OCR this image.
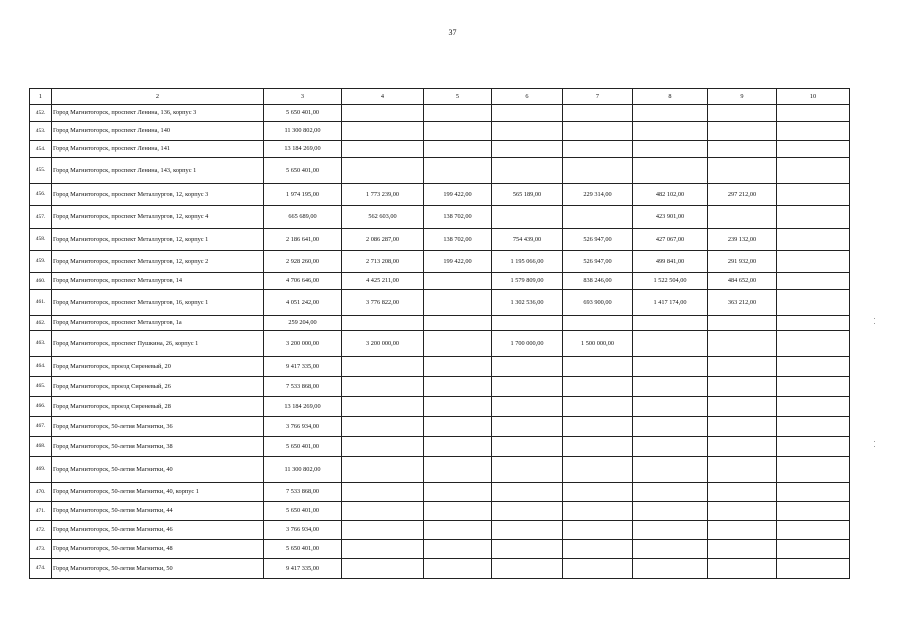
37
1	2	3	4	5	6	7	8	9	10
452.	Город Магнитогорск, проспект Ленина, 136, корпус 3	5 650 401,00							
453.	Город Магнитогорск, проспект Ленина, 140	11 300 802,00							
454.	Город Магнитогорск, проспект Ленина, 141	13 184 269,00							
455.	Город Магнитогорск, проспект Ленина, 143, корпус 1	5 650 401,00							
456.	Город Магнитогорск, проспект Металлургов, 12, корпус 3	1 974 195,00	1 773 239,00	199 422,00	565 189,00	229 314,00	482 102,00	297 212,00	
457.	Город Магнитогорск, проспект Металлургов, 12, корпус 4	665 689,00	562 603,00	138 702,00			423 901,00		
458.	Город Магнитогорск, проспект Металлургов, 12, корпус 1	2 186 641,00	2 086 287,00	138 702,00	754 439,00	526 947,00	427 067,00	239 132,00	
459.	Город Магнитогорск, проспект Металлургов, 12, корпус 2	2 928 260,00	2 713 208,00	199 422,00	1 195 066,00	526 947,00	499 841,00	291 932,00	
460.	Город Магнитогорск, проспект Металлургов, 14	4 706 646,00	4 425 211,00		1 579 809,00	838 246,00	1 522 504,00	484 652,00	
461.	Город Магнитогорск, проспект Металлургов, 16, корпус 1	4 051 242,00	3 776 822,00		1 302 536,00	693 900,00	1 417 174,00	363 212,00	
462.	Город Магнитогорск, проспект Металлургов, 1а	259 204,00							
463.	Город Магнитогорск, проспект Пушкина, 26, корпус 1	3 200 000,00	3 200 000,00		1 700 000,00	1 500 000,00			
464.	Город Магнитогорск, проезд Сиреневый, 20	9 417 335,00							
465.	Город Магнитогорск, проезд Сиреневый, 26	7 533 868,00							
466.	Город Магнитогорск, проезд Сиреневый, 28	13 184 269,00							
467.	Город Магнитогорск, 50-летия Магнитки, 36	3 766 934,00							
468.	Город Магнитогорск, 50-летия Магнитки, 38	5 650 401,00							
469.	Город Магнитогорск, 50-летия Магнитки, 40	11 300 802,00							
470.	Город Магнитогорск, 50-летия Магнитки, 40, корпус 1	7 533 868,00							
471.	Город Магнитогорск, 50-летия Магнитки, 44	5 650 401,00							
472.	Город Магнитогорск, 50-летия Магнитки, 46	3 766 934,00							
473.	Город Магнитогорск, 50-летия Магнитки, 48	5 650 401,00							
474.	Город Магнитогорск, 50-летия Магнитки, 50	9 417 335,00							
